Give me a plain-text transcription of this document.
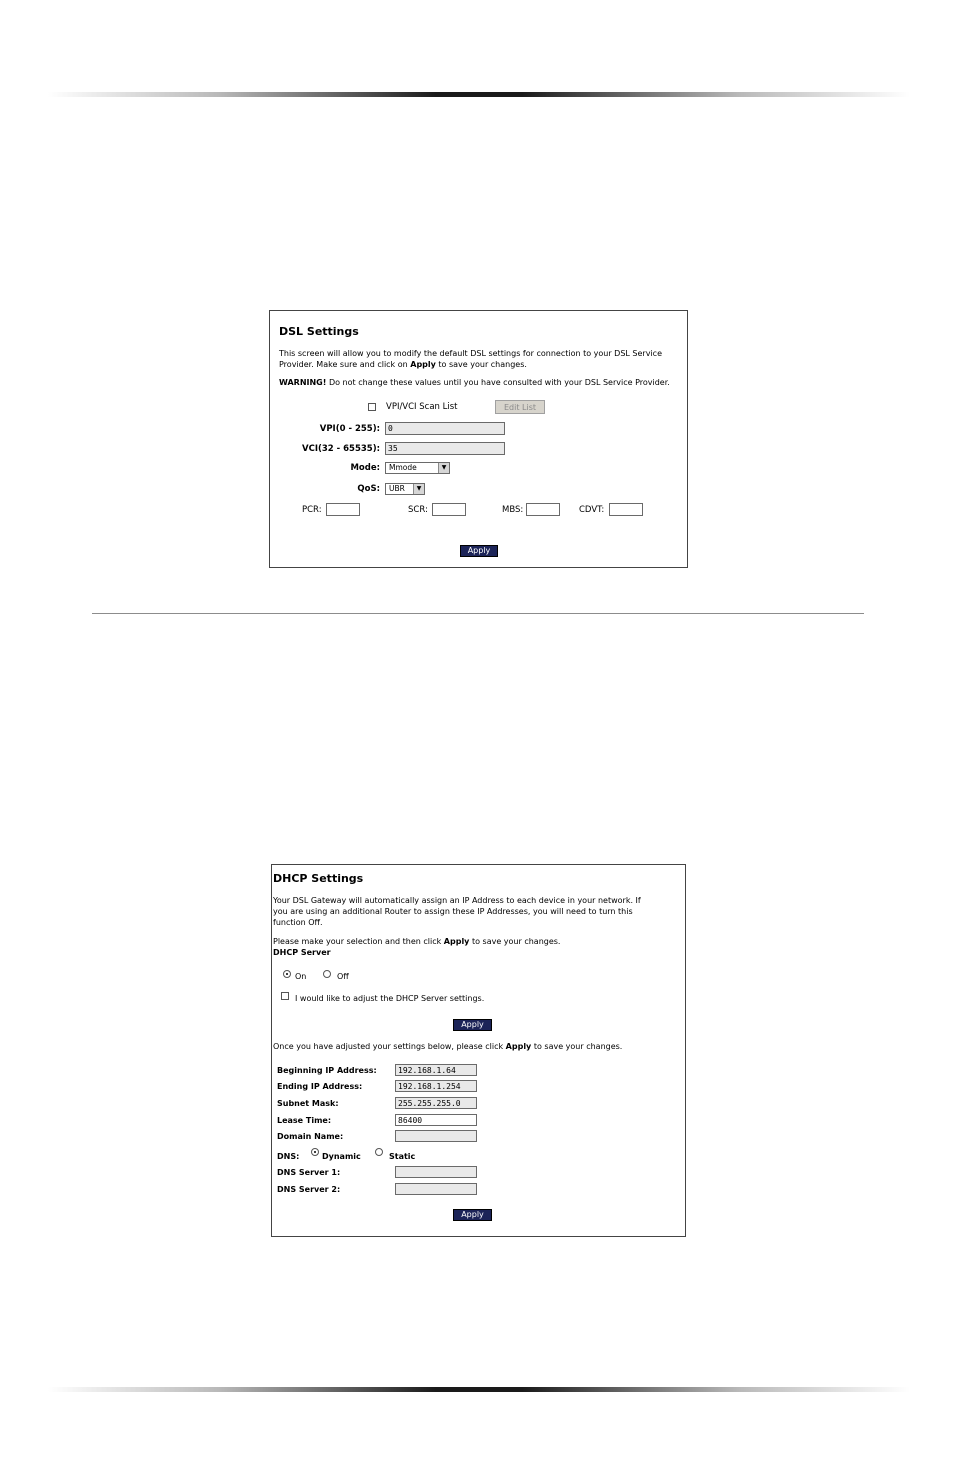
DSL Settings
This screen will allow you to modify the default DSL settings for connection to your DSL Service
Provider. Make sure and click on Apply to save your changes.
WARNING! Do not change these values until you have consulted with your DSL Service Provider.
VPI/VCI Scan List	Edit List
VPI(0 - 255):
0
VCI(32 - 65535):
35
Mode:	Mmode	▼
QoS:	UBR	▼
PCR:	SCR:	MBS:	CDVT:
Apply
DHCP Settings
Your DSL Gateway will automatically assign an IP Address to each device in your network. If
you are using an additional Router to assign these IP Addresses, you will need to turn this
function Off.
Please make your selection and then click Apply to save your changes.
DHCP Server
On	Off
I would like to adjust the DHCP Server settings.
Apply
Once you have adjusted your settings below, please click Apply to save your changes.
Beginning IP Address:
192.168.1.64
Ending IP Address:
192.168.1.254
Subnet Mask:
255.255.255.0
Lease Time:
86400
Domain Name:
DNS:	Dynamic	Static
DNS Server 1:
DNS Server 2:
Apply
